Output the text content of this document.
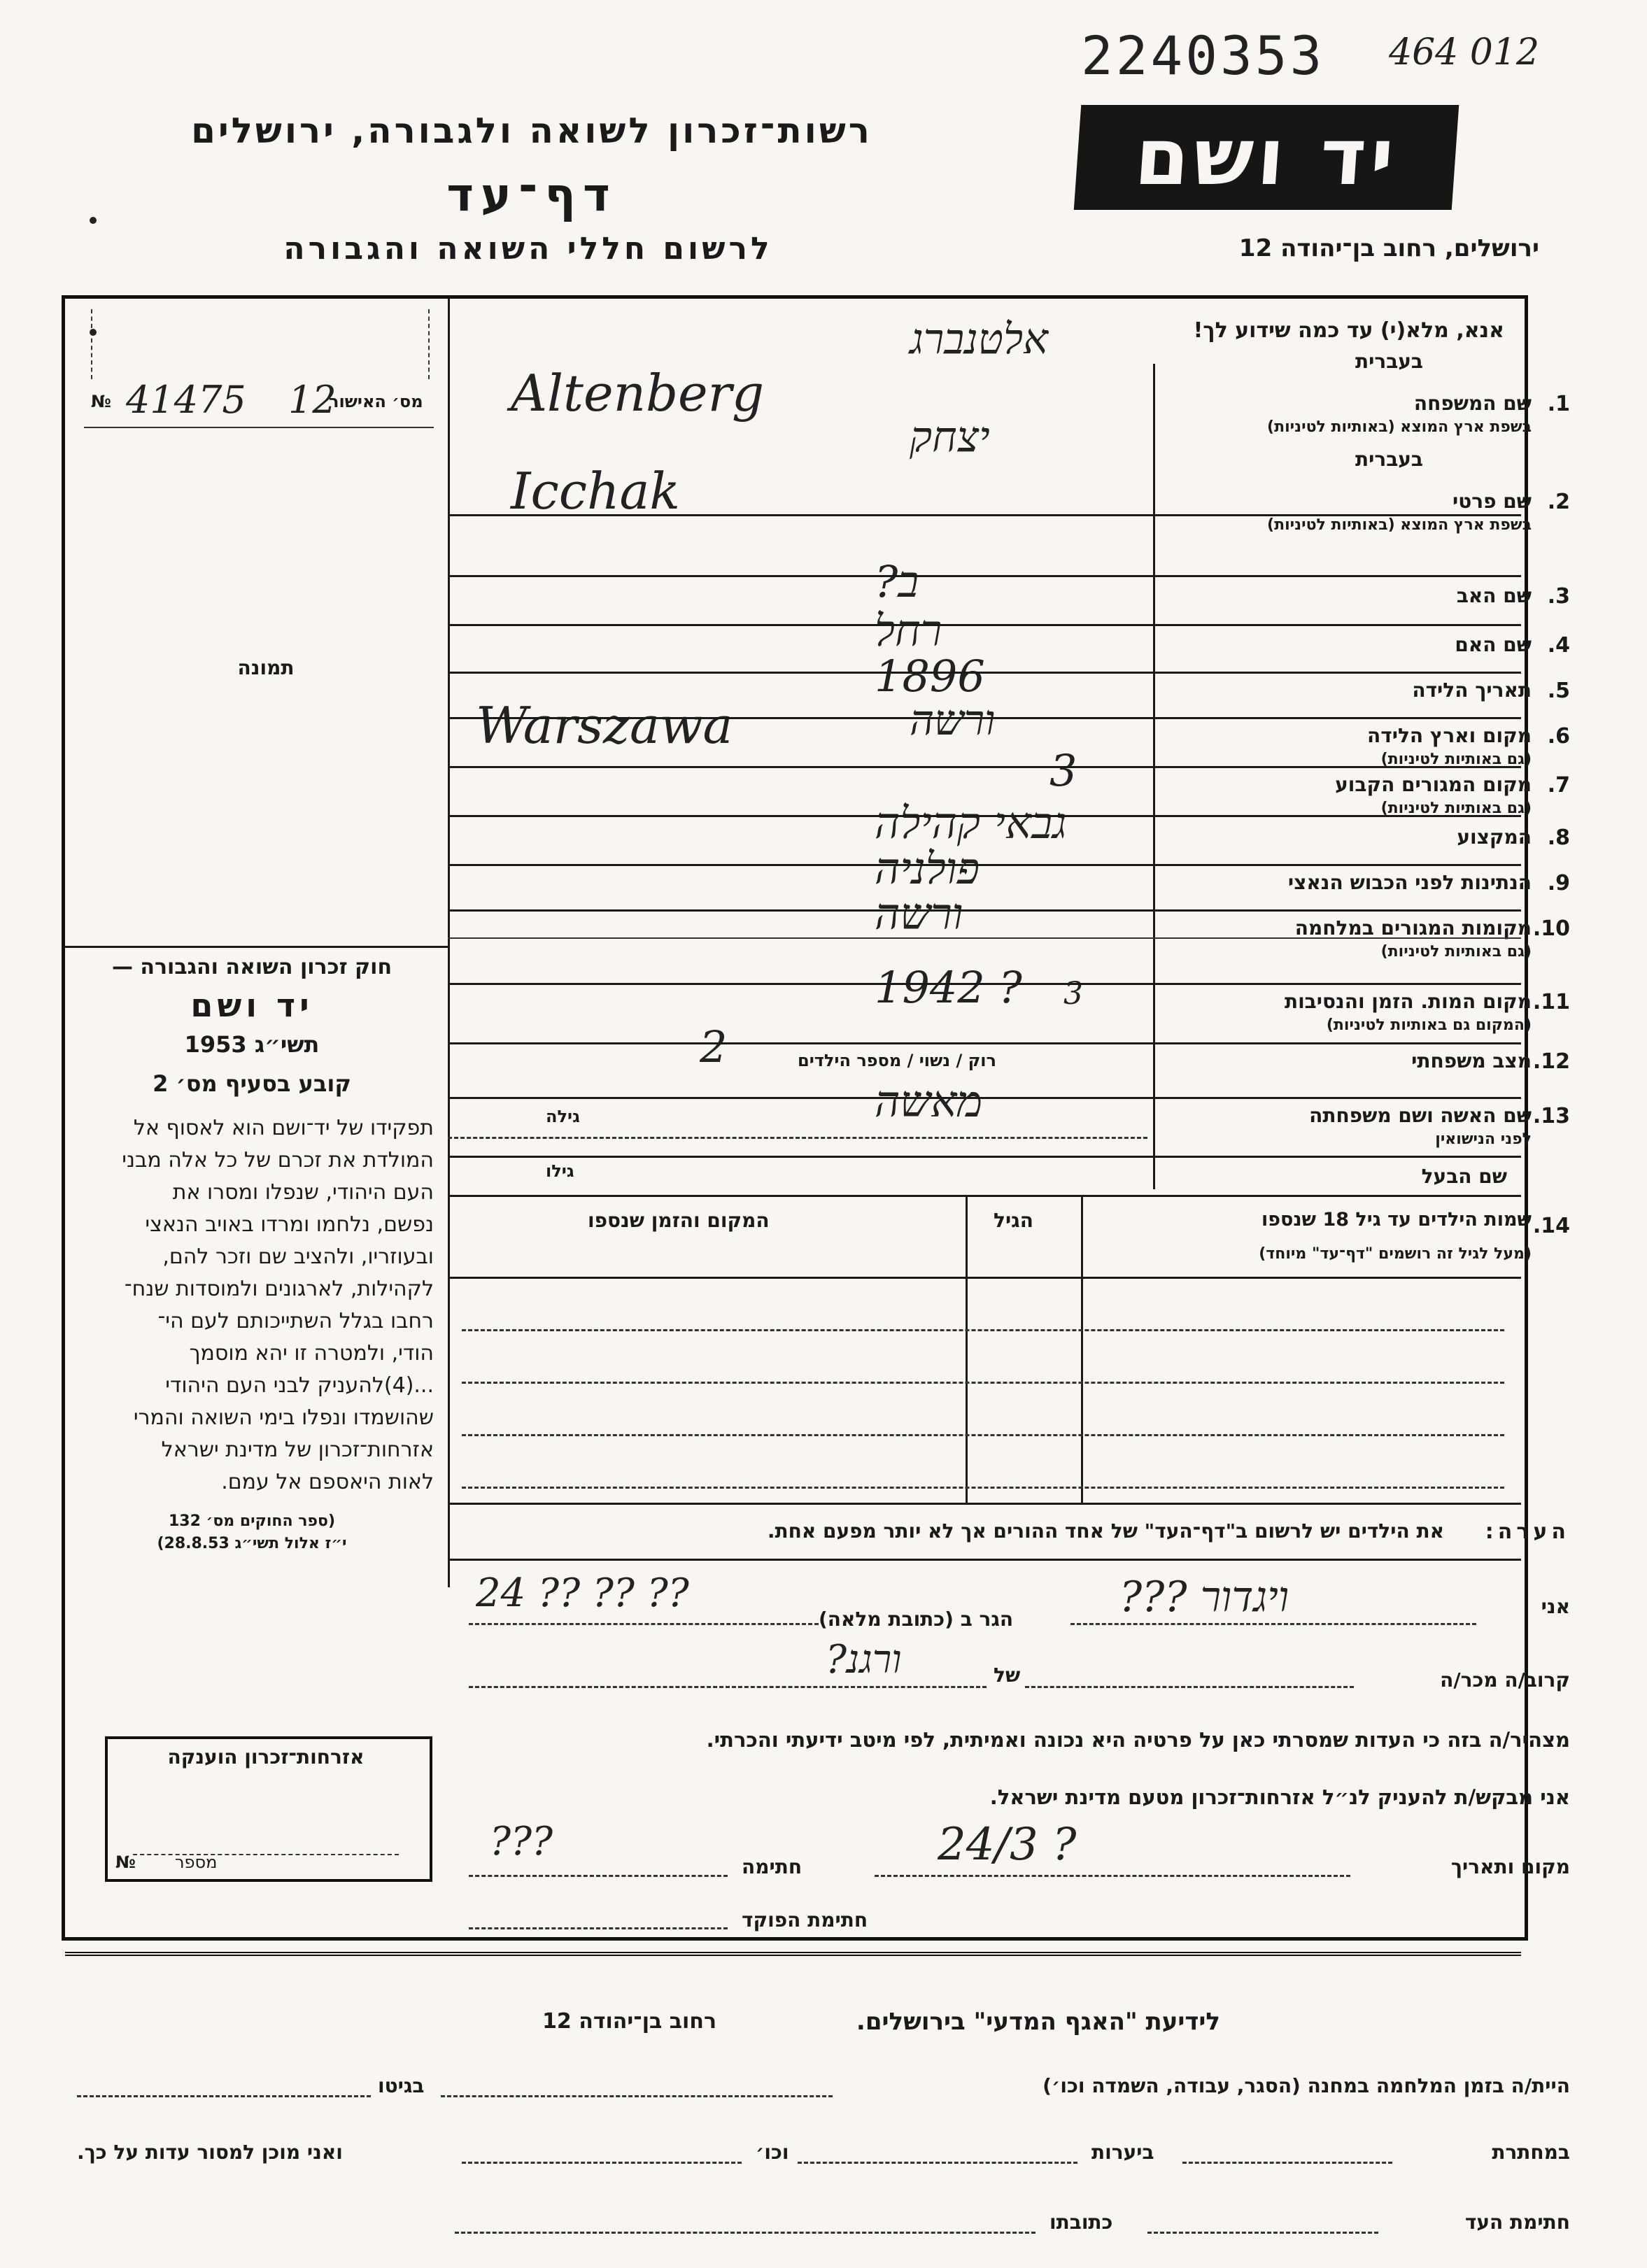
2240353 464 012
רשות־זכרון לשואה ולגבורה, ירושלים
דף־עד
לרשום חללי השואה והגבורה
יד ושם
ירושלים, רחוב בן־יהודה 12
אנא, מלא(י) עד כמה שידוע לך!
מס׳ האישור
№ 41475 12
תמונה
חוק זכרון השואה והגבורה —
יד ושם
תשי״ג 1953
קובע בסעיף מס׳ 2
תפקידו של יד־ושם הוא לאסוף אל
המולדת את זכרם של כל אלה מבני
העם היהודי, שנפלו ומסרו את
נפשם, נלחמו ומרדו באויב הנאצי
ובעוזריו, ולהציב שם וזכר להם,
לקהילות, לארגונים ולמוסדות שנח־
רחבו בגלל השתייכותם לעם הי־
הודי, ולמטרה זו יהא מוסמך
...(4)להעניק לבני העם היהודי
שהושמדו ונפלו בימי השואה והמרי
אזרחות־זכרון של מדינת ישראל
לאות היאספם אל עמם.
(ספר החוקים מס׳ 132
י״ז אלול תשי״ג 28.8.53)
אזרחות־זכרון הוענקה
מספר
№
1.
שם המשפחה
בשפת ארץ המוצא (באותיות לטיניות)
בעברית
אלטנברג
Altenberg
2.
שם פרטי
בשפת ארץ המוצא (באותיות לטיניות)
בעברית
יצחק
Icchak
3.
שם האב
ב?
4.
שם האם
רחל
5.
תאריך הלידה
1896
6.
מקום וארץ הלידה
(גם באותיות לטיניות)
ורשה
Warszawa
7.
מקום המגורים הקבוע
(גם באותיות לטיניות)
3
8.
המקצוע
גבאי קהילה
9.
הנתינות לפני הכבוש הנאצי
פולניה
10.
מקומות המגורים במלחמה
(גם באותיות לטיניות)
ורשה
11.
מקום המות. הזמן והנסיבות
(המקום גם באותיות לטיניות)
1942 ? 3
12.
מצב משפחתי
רוק / נשוי / מספר הילדים
2
13.
שם האשה ושם משפחתה
לפני הנישואין
מאשה
גילה
גילו	שם הבעל
14.
שמות הילדים עד גיל 18 שנספו
(מעל לגיל זה רושמים "דף־עד" מיוחד)
הגיל
המקום והזמן שנספו
הערה:
את הילדים יש לרשום ב"דף־העד" של אחד ההורים אך לא יותר מפעם אחת.
אני
ויגדור ???
הגר ב (כתובת מלאה)
24 ?? ?? ??
קרוב/ה מכר/ה
של
ורגנ?
מצהיר/ה בזה כי העדות שמסרתי כאן על פרטיה היא נכונה ואמיתית, לפי מיטב ידיעתי והכרתי.
אני מבקש/ת להעניק לנ״ל אזרחות־זכרון מטעם מדינת ישראל.
מקום ותאריך
24/3 ?
חתימה
???
חתימת הפוקד
לידיעת "האגף המדעי" בירושלים.
רחוב בן־יהודה 12
היית/ה בזמן המלחמה במחנה (הסגר, עבודה, השמדה וכו׳)
בגיטו
במחתרת
ביערות
וכו׳
ואני מוכן למסור עדות על כך.
חתימת העד
כתובתו
